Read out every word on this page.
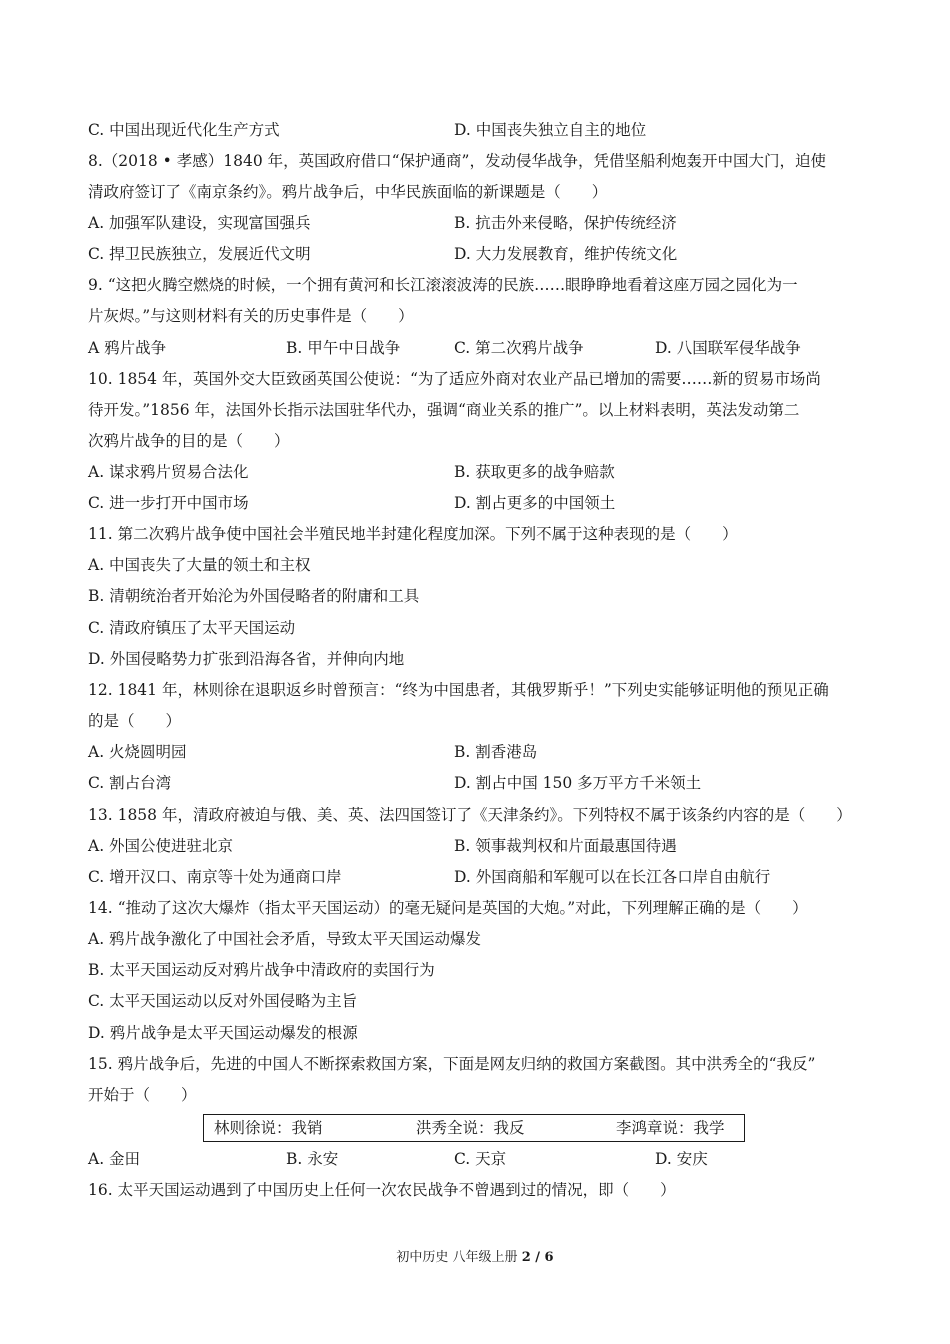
C. 中国出现近代化生产方式	D. 中国丧失独立自主的地位
8.（2018 • 孝感）1840 年，英国政府借口“保护通商”，发动侵华战争，凭借坚船利炮轰开中国大门，迫使
清政府签订了《南京条约》。鸦片战争后，中华民族面临的新课题是（　　）
A. 加强军队建设，实现富国强兵	B. 抗击外来侵略，保护传统经济
C. 捍卫民族独立，发展近代文明	D. 大力发展教育，维护传统文化
9. “这把火腾空燃烧的时候，一个拥有黄河和长江滚滚波涛的民族……眼睁睁地看着这座万园之园化为一
片灰烬。”与这则材料有关的历史事件是（　　）
A 鸦片战争	B. 甲午中日战争	C. 第二次鸦片战争	D. 八国联军侵华战争
10. 1854 年，英国外交大臣致函英国公使说：“为了适应外商对农业产品已增加的需要……新的贸易市场尚
待开发。”1856 年，法国外长指示法国驻华代办，强调“商业关系的推广”。以上材料表明，英法发动第二
次鸦片战争的目的是（　　）
A. 谋求鸦片贸易合法化	B. 获取更多的战争赔款
C. 进一步打开中国市场	D. 割占更多的中国领土
11. 第二次鸦片战争使中国社会半殖民地半封建化程度加深。下列不属于这种表现的是（　　）
A. 中国丧失了大量的领土和主权
B. 清朝统治者开始沦为外国侵略者的附庸和工具
C. 清政府镇压了太平天国运动
D. 外国侵略势力扩张到沿海各省，并伸向内地
12. 1841 年，林则徐在退职返乡时曾预言：“终为中国患者，其俄罗斯乎！”下列史实能够证明他的预见正确
的是（　　）
A. 火烧圆明园	B. 割香港岛
C. 割占台湾	D. 割占中国 150 多万平方千米领土
13. 1858 年，清政府被迫与俄、美、英、法四国签订了《天津条约》。下列特权不属于该条约内容的是（　　）
A. 外国公使进驻北京	B. 领事裁判权和片面最惠国待遇
C. 增开汉口、南京等十处为通商口岸	D. 外国商船和军舰可以在长江各口岸自由航行
14. “推动了这次大爆炸（指太平天国运动）的毫无疑问是英国的大炮。”对此，下列理解正确的是（　　）
A. 鸦片战争激化了中国社会矛盾，导致太平天国运动爆发
B. 太平天国运动反对鸦片战争中清政府的卖国行为
C. 太平天国运动以反对外国侵略为主旨
D. 鸦片战争是太平天国运动爆发的根源
15. 鸦片战争后，先进的中国人不断探索救国方案，下面是网友归纳的救国方案截图。其中洪秀全的“我反”
开始于（　　）
林则徐说：我销	洪秀全说：我反	李鸿章说：我学
A. 金田	B. 永安	C. 天京	D. 安庆
16. 太平天国运动遇到了中国历史上任何一次农民战争不曾遇到过的情况，即（　　）
初中历史 八年级上册 2 / 6
